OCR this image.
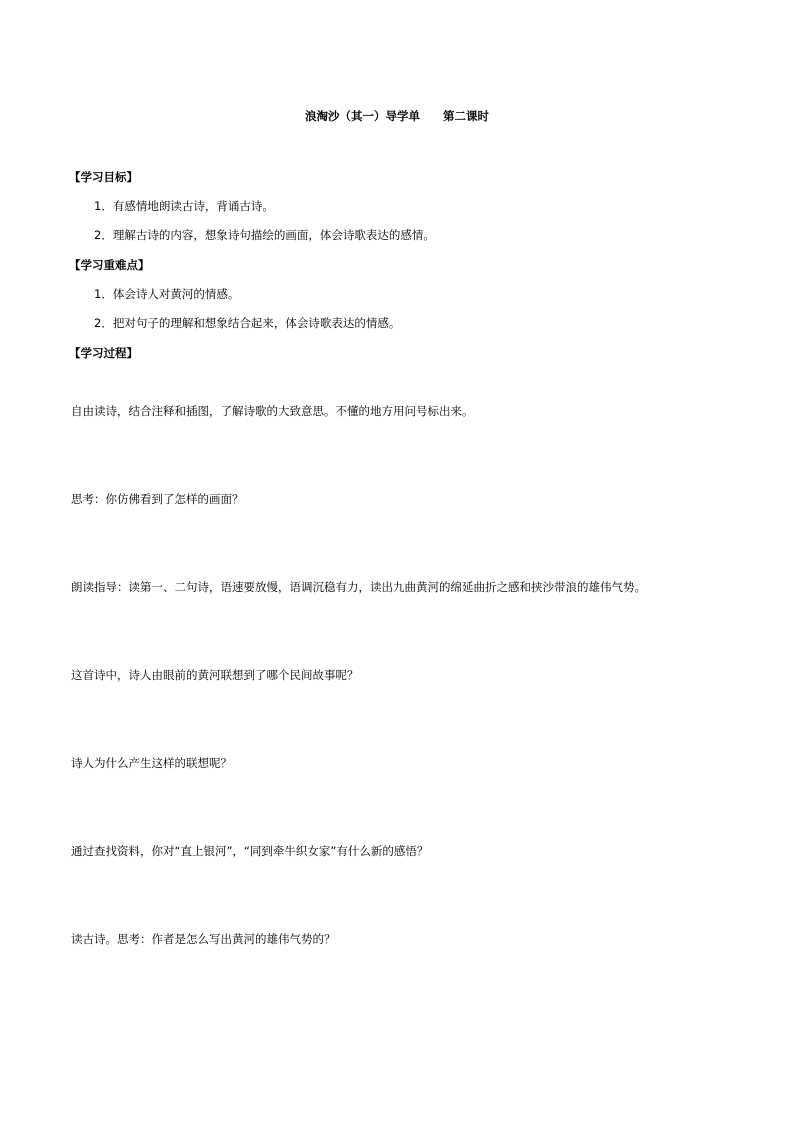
浪淘沙（其一）导学单　　第二课时
【学习目标】
1．有感情地朗读古诗，背诵古诗。
2．理解古诗的内容，想象诗句描绘的画面，体会诗歌表达的感情。
【学习重难点】
1．体会诗人对黄河的情感。
2．把对句子的理解和想象结合起来，体会诗歌表达的情感。
【学习过程】
自由读诗，结合注释和插图，了解诗歌的大致意思。不懂的地方用问号标出来。
思考：你仿佛看到了怎样的画面？
朗读指导：读第一、二句诗，语速要放慢，语调沉稳有力，读出九曲黄河的绵延曲折之感和挟沙带浪的雄伟气势。
这首诗中，诗人由眼前的黄河联想到了哪个民间故事呢？
诗人为什么产生这样的联想呢？
通过查找资料，你对“直上银河”，“同到牵牛织女家”有什么新的感悟？
读古诗。思考：作者是怎么写出黄河的雄伟气势的？
